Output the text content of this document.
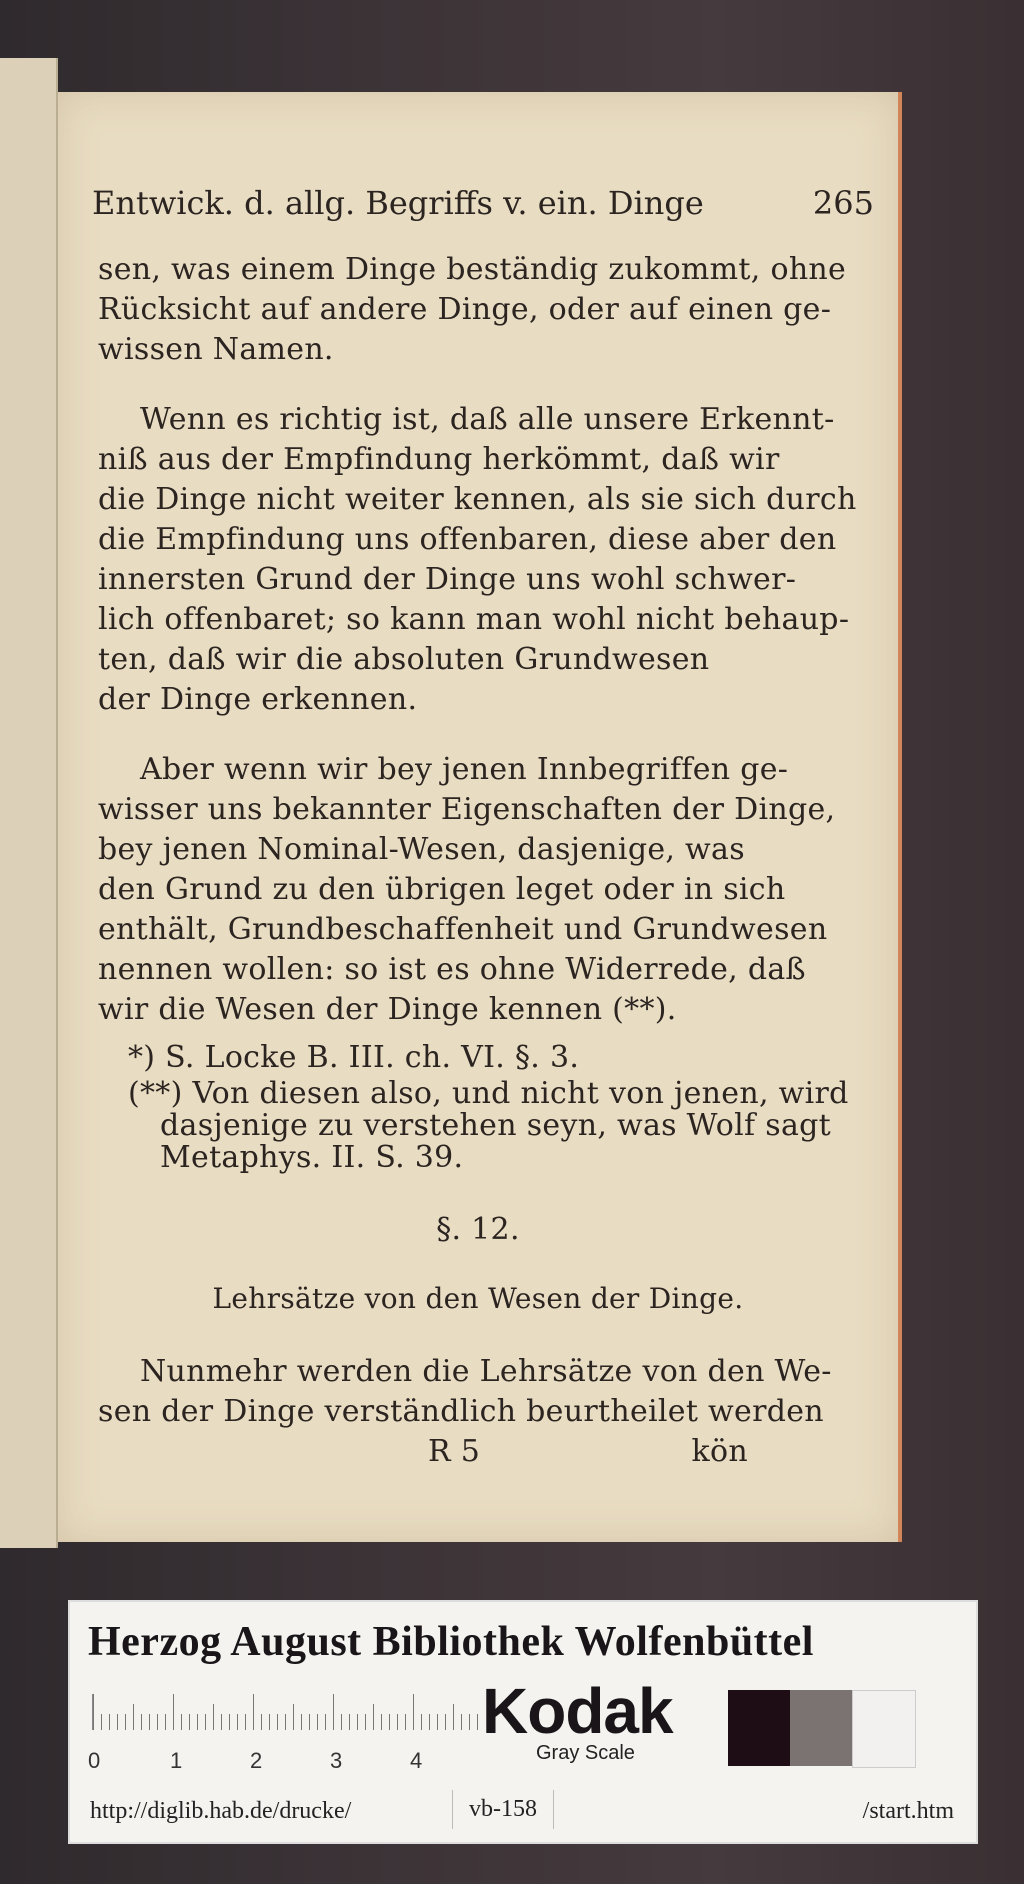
Entwick. d. allg. Begriffs v. ein. Dinge	265
sen, was einem Dinge beständig zukommt, ohne
Rücksicht auf andere Dinge, oder auf einen ge-
wissen Namen.
Wenn es richtig ist, daß alle unsere Erkennt-
niß aus der Empfindung herkömmt, daß wir
die Dinge nicht weiter kennen, als sie sich durch
die Empfindung uns offenbaren, diese aber den
innersten Grund der Dinge uns wohl schwer-
lich offenbaret; so kann man wohl nicht behaup-
ten, daß wir die absoluten Grundwesen
der Dinge erkennen.
Aber wenn wir bey jenen Innbegriffen ge-
wisser uns bekannter Eigenschaften der Dinge,
bey jenen Nominal-Wesen, dasjenige, was
den Grund zu den übrigen leget oder in sich
enthält, Grundbeschaffenheit und Grundwesen
nennen wollen: so ist es ohne Widerrede, daß
wir die Wesen der Dinge kennen (**).
*) S. Locke B. III. ch. VI. §. 3.
(**) Von diesen also, und nicht von jenen, wird
dasjenige zu verstehen seyn, was Wolf sagt
Metaphys. II. S. 39.
§. 12.
Lehrsätze von den Wesen der Dinge.
Nunmehr werden die Lehrsätze von den We-
sen der Dinge verständlich beurtheilet werden
R 5	kön
Herzog August Bibliothek Wolfenbüttel
0	1	2	3	4
Kodak
Gray Scale
http://diglib.hab.de/drucke/	vb-158	/start.htm
